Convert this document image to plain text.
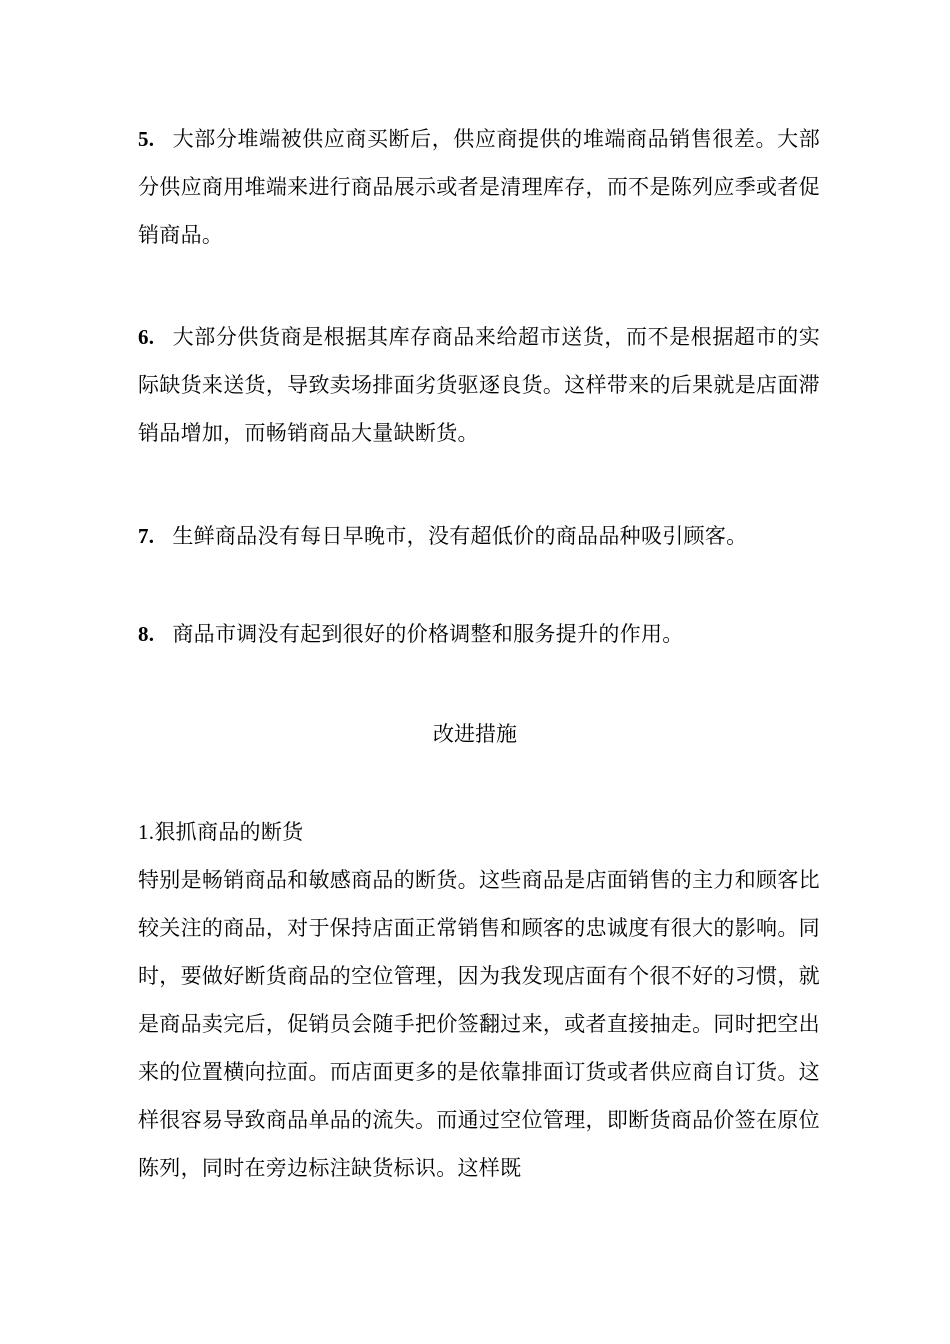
5. 大部分堆端被供应商买断后，供应商提供的堆端商品销售很差。大部分供应商用堆端来进行商品展示或者是清理库存，而不是陈列应季或者促销商品。

6. 大部分供货商是根据其库存商品来给超市送货，而不是根据超市的实际缺货来送货，导致卖场排面劣货驱逐良货。这样带来的后果就是店面滞销品增加，而畅销商品大量缺断货。

7. 生鲜商品没有每日早晚市，没有超低价的商品品种吸引顾客。

8. 商品市调没有起到很好的价格调整和服务提升的作用。

改进措施

1.狠抓商品的断货

特别是畅销商品和敏感商品的断货。这些商品是店面销售的主力和顾客比较关注的商品，对于保持店面正常销售和顾客的忠诚度有很大的影响。同时，要做好断货商品的空位管理，因为我发现店面有个很不好的习惯，就是商品卖完后，促销员会随手把价签翻过来，或者直接抽走。同时把空出来的位置横向拉面。而店面更多的是依靠排面订货或者供应商自订货。这样很容易导致商品单品的流失。而通过空位管理，即断货商品价签在原位陈列，同时在旁边标注缺货标识。这样既
